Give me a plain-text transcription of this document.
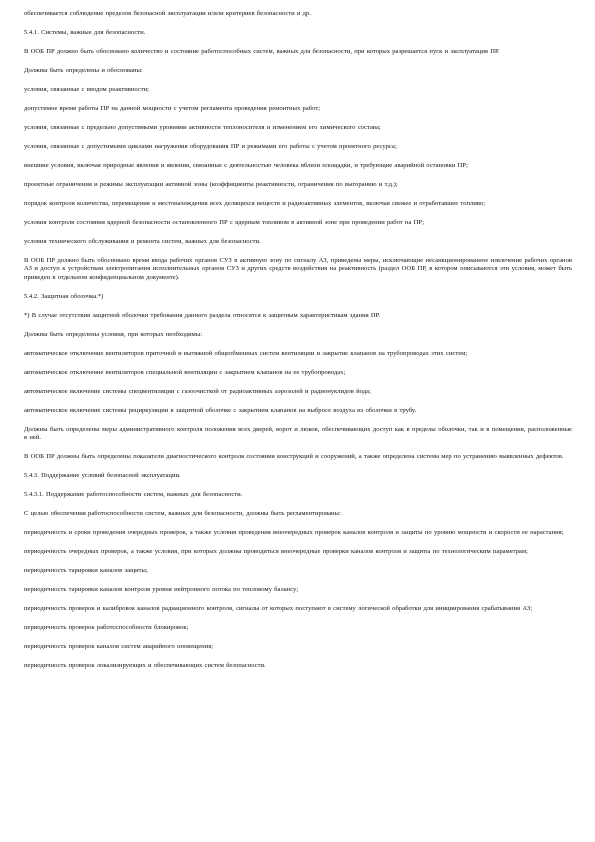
обеспечивается соблюдение пределов безопасной эксплуатации и/или критериев безопасности и др.

5.4.1. Системы, важные для безопасности.

В ООБ ПР должно быть обосновано количество и состояние работоспособных систем, важных для безопасности, при которых разрешается пуск и эксплуатация ПР.

Должны быть определены и обоснованы:

условия, связанные с вводом реактивности;

допустимое время работы ПР на данной мощности с учетом регламента проведения ремонтных работ;

условия, связанные с предельно допустимыми уровнями активности теплоносителя и изменением его химического состава;

условия, связанные с допустимыми циклами нагружения оборудования ПР и режимами его работы с учетом проектного ресурса;

внешние условия, включая природные явления и явления, связанные с деятельностью человека вблизи площадки, и требующие аварийной остановки ПР;

проектные ограничения и режимы эксплуатации активной зоны (коэффициенты реактивности, ограничения по выгоранию и т.д.);

порядок контроля количества, перемещения и местонахождения всех делящихся веществ и радиоактивных элементов, включая свежее и отработавшее топливо;

условия контроля состояния ядерной безопасности остановленного ПР с ядерным топливом в активной зоне при проведении работ на ПР;

условия технического обслуживания и ремонта систем, важных для безопасности.

В ООБ ПР должно быть обосновано время ввода рабочих органов СУЗ в активную зону по сигналу АЗ, приведены меры, исключающие несанкционированное извлечение рабочих органов АЗ и доступ к устройствам электропитания исполнительных органов СУЗ и других средств воздействия на реактивность (раздел ООБ ПР, в котором описываются эти условия, может быть приведен в отдельном конфиденциальном документе).

5.4.2. Защитная оболочка.*)

*) В случае отсутствия защитной оболочки требования данного раздела относятся к защитным характеристикам здания ПР.

Должны быть определены условия, при которых необходимы:

автоматическое отключение вентиляторов приточной и вытяжной общеобменных систем вентиляции и закрытие клапанов на трубопроводах этих систем;

автоматическое отключение вентиляторов специальной вентиляции с закрытием клапанов на ее трубопроводах;

автоматическое включение системы спецвентиляции с газоочисткой от радиоактивных аэрозолей и радионуклидов йода;

автоматическое включение системы рециркуляции в защитной оболочке с закрытием клапанов на выбросе воздуха из оболочки в трубу.

Должны быть определены меры административного контроля положения всех дверей, ворот и люков, обеспечивающих доступ как в пределы оболочки, так и в помещения, расположенные в ней.

В ООБ ПР должны быть определены показатели диагностического контроля состояния конструкций и сооружений, а также определена система мер по устранению выявленных дефектов.

5.4.3. Поддержание условий безопасной эксплуатации.

5.4.3.1. Поддержание работоспособности систем, важных для безопасности.

С целью обеспечения работоспособности систем, важных для безопасности, должны быть регламентированы:

периодичность и сроки проведения очередных проверок, а также условия проведения внеочередных проверок каналов контроля и защиты по уровню мощности и скорости ее нарастания;

периодичность очередных проверок, а также условия, при которых должны проводиться внеочередные проверки каналов контроля и защиты по технологическим параметрам;

периодичность тарировки каналов защиты;

периодичность тарировки каналов контроля уровня нейтронного потока по тепловому балансу;

периодичность проверок и калибровок каналов радиационного контроля, сигналы от которых поступают в систему логической обработки для инициирования срабатывания АЗ;

периодичность проверок работоспособности блокировок;

периодичность проверок каналов систем аварийного оповещения;

периодичность проверок локализирующих и обеспечивающих систем безопасности.
